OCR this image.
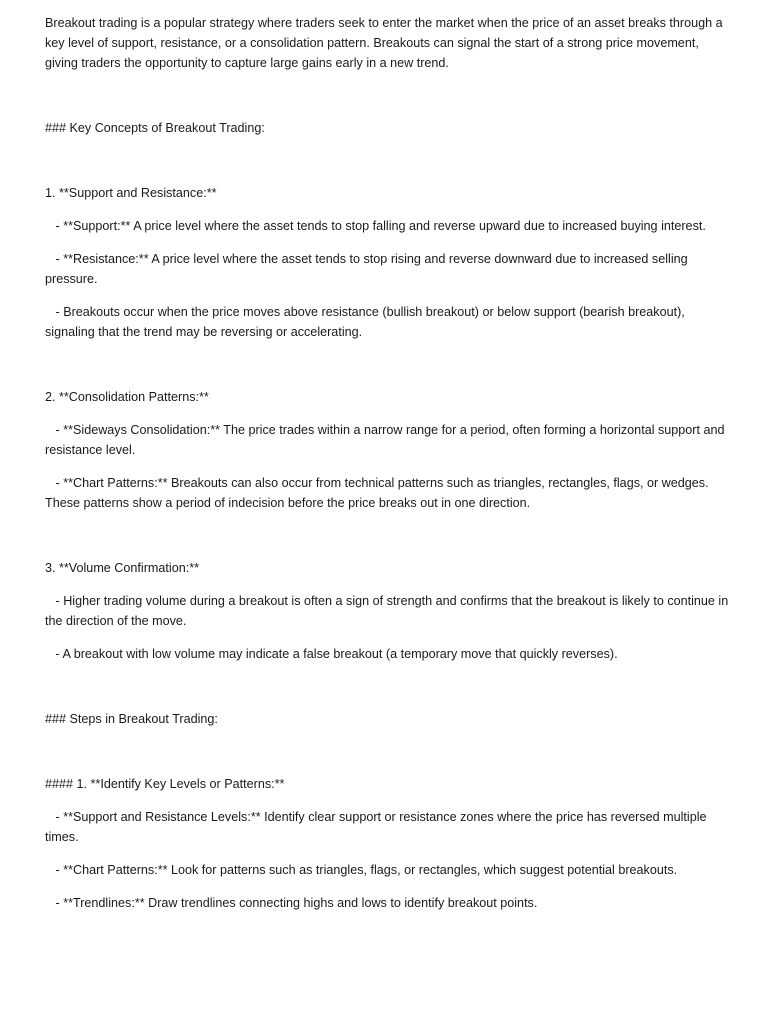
Breakout trading is a popular strategy where traders seek to enter the market when the price of an asset breaks through a key level of support, resistance, or a consolidation pattern. Breakouts can signal the start of a strong price movement, giving traders the opportunity to capture large gains early in a new trend.

### Key Concepts of Breakout Trading:

1. **Support and Resistance:**

- **Support:** A price level where the asset tends to stop falling and reverse upward due to increased buying interest.

- **Resistance:** A price level where the asset tends to stop rising and reverse downward due to increased selling pressure.

- Breakouts occur when the price moves above resistance (bullish breakout) or below support (bearish breakout), signaling that the trend may be reversing or accelerating.

2. **Consolidation Patterns:**

- **Sideways Consolidation:** The price trades within a narrow range for a period, often forming a horizontal support and resistance level.

- **Chart Patterns:** Breakouts can also occur from technical patterns such as triangles, rectangles, flags, or wedges. These patterns show a period of indecision before the price breaks out in one direction.

3. **Volume Confirmation:**

- Higher trading volume during a breakout is often a sign of strength and confirms that the breakout is likely to continue in the direction of the move.

- A breakout with low volume may indicate a false breakout (a temporary move that quickly reverses).

### Steps in Breakout Trading:

#### 1. **Identify Key Levels or Patterns:**

- **Support and Resistance Levels:** Identify clear support or resistance zones where the price has reversed multiple times.

- **Chart Patterns:** Look for patterns such as triangles, flags, or rectangles, which suggest potential breakouts.

- **Trendlines:** Draw trendlines connecting highs and lows to identify breakout points.
